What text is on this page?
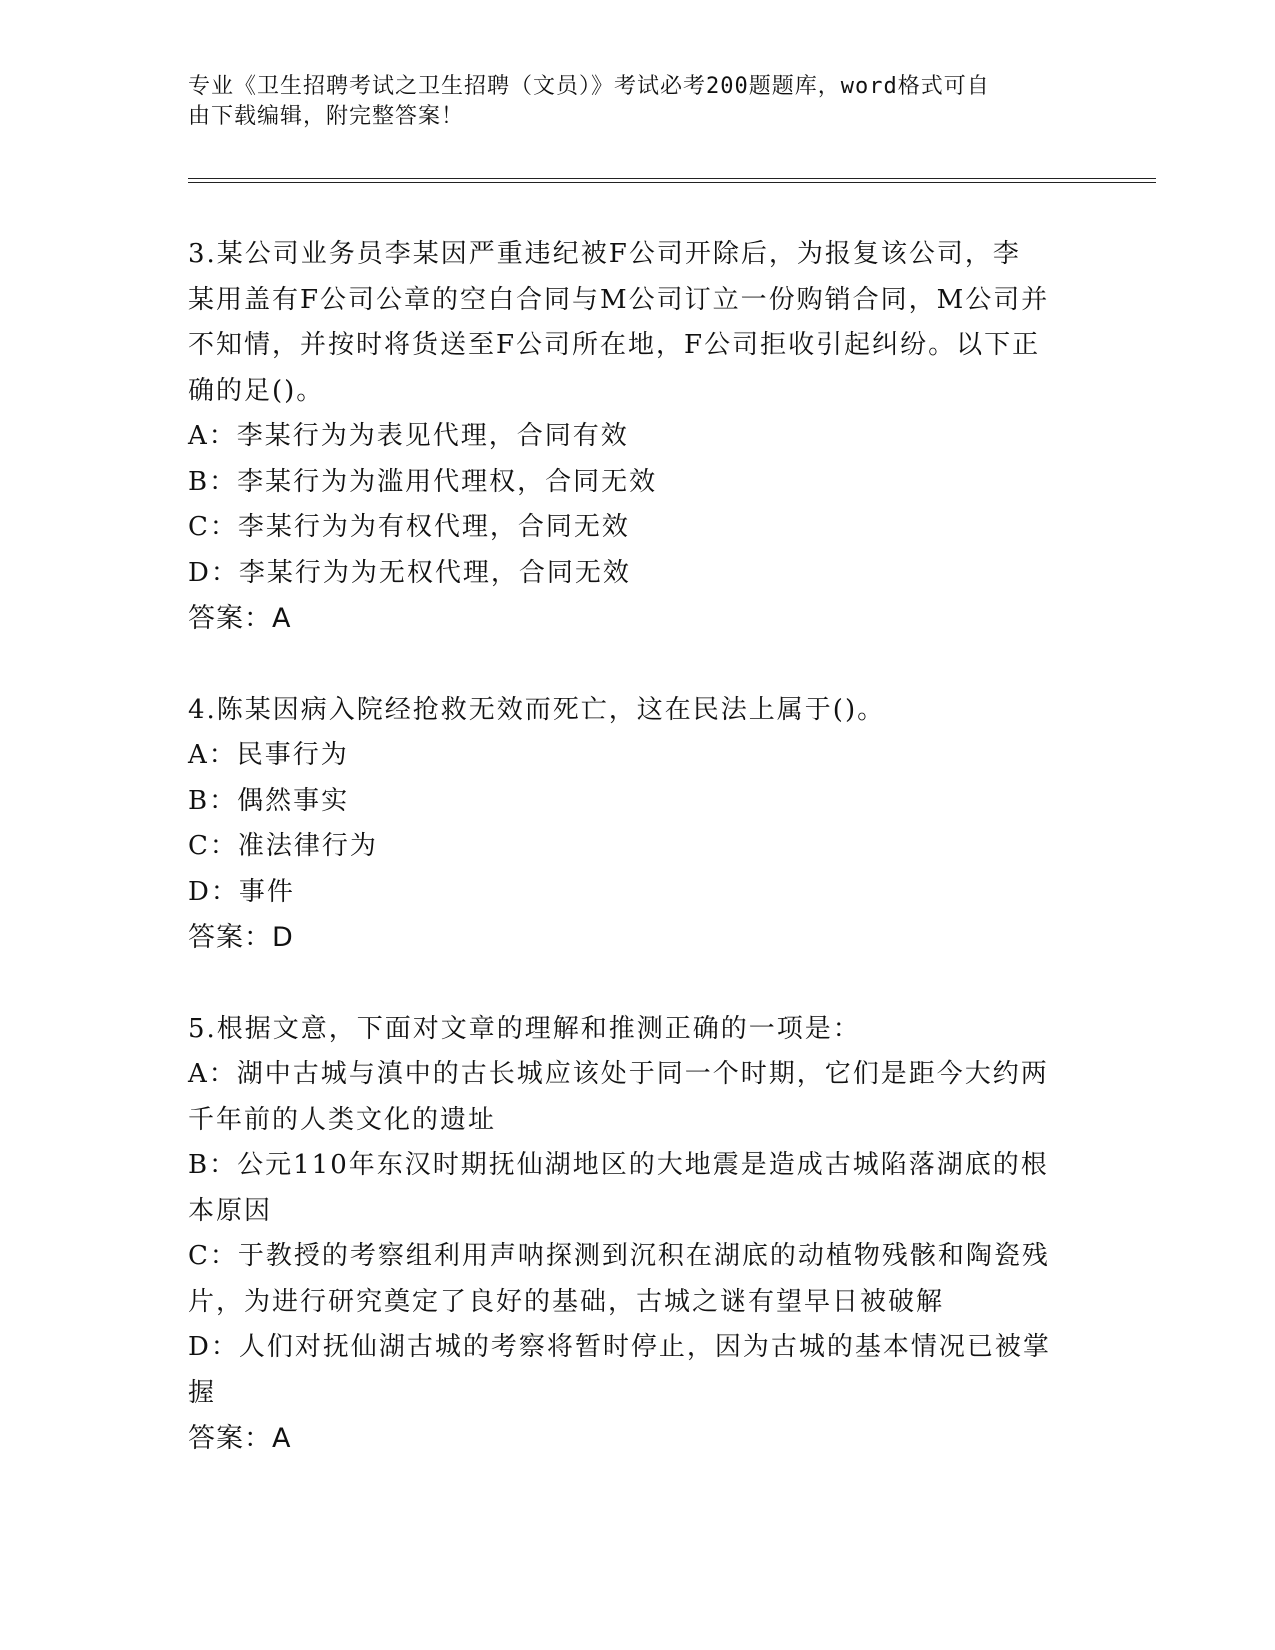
专业《卫生招聘考试之卫生招聘（文员）》考试必考200题题库，word格式可自
由下载编辑，附完整答案！
3.某公司业务员李某因严重违纪被F公司开除后，为报复该公司，李
某用盖有F公司公章的空白合同与M公司订立一份购销合同，M公司并
不知情，并按时将货送至F公司所在地，F公司拒收引起纠纷。以下正
确的足()。
A：李某行为为表见代理，合同有效
B：李某行为为滥用代理权，合同无效
C：李某行为为有权代理，合同无效
D：李某行为为无权代理，合同无效
答案：A
4.陈某因病入院经抢救无效而死亡，这在民法上属于()。
A：民事行为
B：偶然事实
C：准法律行为
D：事件
答案：D
5.根据文意，下面对文章的理解和推测正确的一项是：
A：湖中古城与滇中的古长城应该处于同一个时期，它们是距今大约两
千年前的人类文化的遗址
B：公元110年东汉时期抚仙湖地区的大地震是造成古城陷落湖底的根
本原因
C：于教授的考察组利用声呐探测到沉积在湖底的动植物残骸和陶瓷残
片，为进行研究奠定了良好的基础，古城之谜有望早日被破解
D：人们对抚仙湖古城的考察将暂时停止，因为古城的基本情况已被掌
握
答案：A
